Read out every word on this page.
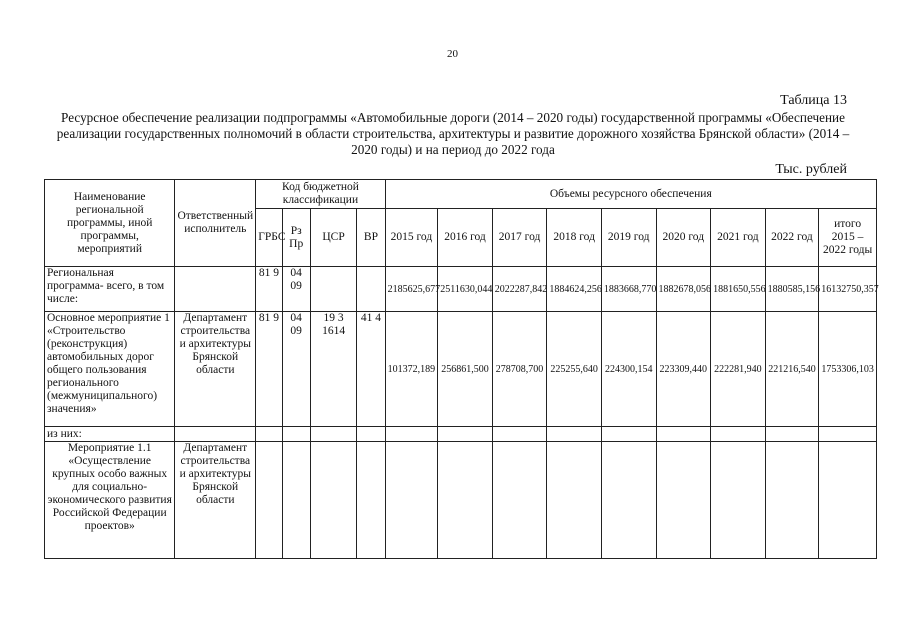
20
Таблица 13
Ресурсное обеспечение реализации подпрограммы «Автомобильные дороги (2014 – 2020 годы) государственной программы «Обеспечение реализации государственных полномочий в области строительства, архитектуры и развитие дорожного хозяйства Брянской области» (2014 – 2020 годы) и на период до 2022 года
Тыс. рублей
Наименование региональной программы, иной программы, мероприятий	Ответственный исполнитель	Код бюджетной классификации				Объемы ресурсного обеспечения								
		ГРБС	Рз Пр	ЦСР	ВР	2015 год	2016 год	2017 год	2018 год	2019 год	2020 год	2021 год	2022 год	итого 2015 – 2022 годы
Региональная программа- всего, в том числе:		81 9	04 09			2185625,677	2511630,044	2022287,842	1884624,256	1883668,770	1882678,056	1881650,556	1880585,156	16132750,357
Основное мероприятие 1 «Строительство (реконструкция) автомобильных дорог общего пользования регионального (межмуниципального) значения»	Департамент строительства и архитектуры Брянской области	81 9	04 09	19 3 1614	41 4	101372,189	256861,500	278708,700	225255,640	224300,154	223309,440	222281,940	221216,540	1753306,103
из них:														
Мероприятие 1.1 «Осуществление крупных особо важных для социально-экономического развития Российской Федерации проектов»	Департамент строительства и архитектуры Брянской области													
